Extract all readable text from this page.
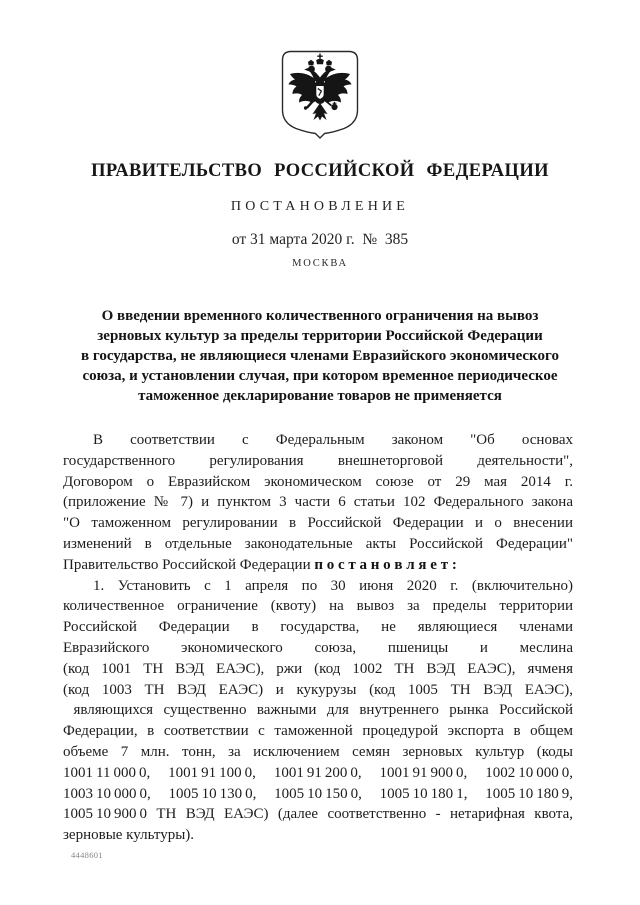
ПРАВИТЕЛЬСТВО РОССИЙСКОЙ ФЕДЕРАЦИИ
ПОСТАНОВЛЕНИЕ
от 31 марта 2020 г.  №  385
МОСКВА
О введении временного количественного ограничения на вывоз
зерновых культур за пределы территории Российской Федерации
в государства, не являющиеся членами Евразийского экономического
союза, и установлении случая, при котором временное периодическое
таможенное декларирование товаров не применяется
В соответствии с Федеральным законом "Об основах
государственного регулирования внешнеторговой деятельности",
Договором о Евразийском экономическом союзе от 29 мая 2014 г.
(приложение № 7) и пунктом 3 части 6 статьи 102 Федерального закона
"О таможенном регулировании в Российской Федерации и о внесении
изменений в отдельные законодательные акты Российской Федерации"
Правительство Российской Федерации п о с т а н о в л я е т :
1. Установить с 1 апреля по 30 июня 2020 г. (включительно)
количественное ограничение (квоту) на вывоз за пределы территории
Российской Федерации в государства, не являющиеся членами
Евразийского экономического союза, пшеницы и меслина
(код 1001 ТН ВЭД ЕАЭС), ржи (код 1002 ТН ВЭД ЕАЭС), ячменя
(код 1003 ТН ВЭД ЕАЭС) и кукурузы (код 1005 ТН ВЭД ЕАЭС),
являющихся существенно важными для внутреннего рынка Российской
Федерации, в соответствии с таможенной процедурой экспорта в общем
объеме 7 млн. тонн, за исключением семян зерновых культур (коды
1001 11 000 0, 1001 91 100 0, 1001 91 200 0, 1001 91 900 0, 1002 10 000 0,
1003 10 000 0, 1005 10 130 0, 1005 10 150 0, 1005 10 180 1, 1005 10 180 9,
1005 10 900 0 ТН ВЭД ЕАЭС) (далее соответственно - нетарифная квота,
зерновые культуры).
4448601
